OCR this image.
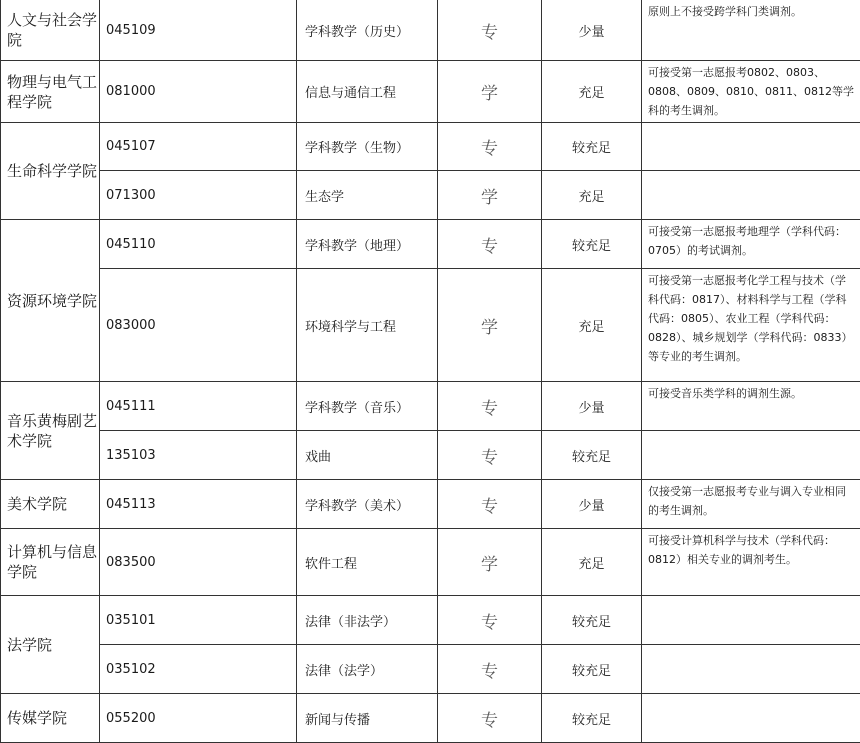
人文与社会学院	045109	学科教学（历史）	专	少量	原则上不接受跨学科门类调剂。
物理与电气工程学院	081000	信息与通信工程	学	充足	可接受第一志愿报考0802、0803、0808、0809、0810、0811、0812等学科的考生调剂。
生命科学学院	045107	学科教学（生物）	专	较充足	
	071300	生态学	学	充足	
资源环境学院	045110	学科教学（地理）	专	较充足	可接受第一志愿报考地理学（学科代码：0705）的考试调剂。
	083000	环境科学与工程	学	充足	可接受第一志愿报考化学工程与技术（学科代码：0817）、材料科学与工程（学科代码：0805）、农业工程（学科代码：0828）、城乡规划学（学科代码：0833）等专业的考生调剂。
音乐黄梅剧艺术学院	045111	学科教学（音乐）	专	少量	可接受音乐类学科的调剂生源。
	135103	戏曲	专	较充足	
美术学院	045113	学科教学（美术）	专	少量	仅接受第一志愿报考专业与调入专业相同的考生调剂。
计算机与信息学院	083500	软件工程	学	充足	可接受计算机科学与技术（学科代码：0812）相关专业的调剂考生。
法学院	035101	法律（非法学）	专	较充足	
	035102	法律（法学）	专	较充足	
传媒学院	055200	新闻与传播	专	较充足	
